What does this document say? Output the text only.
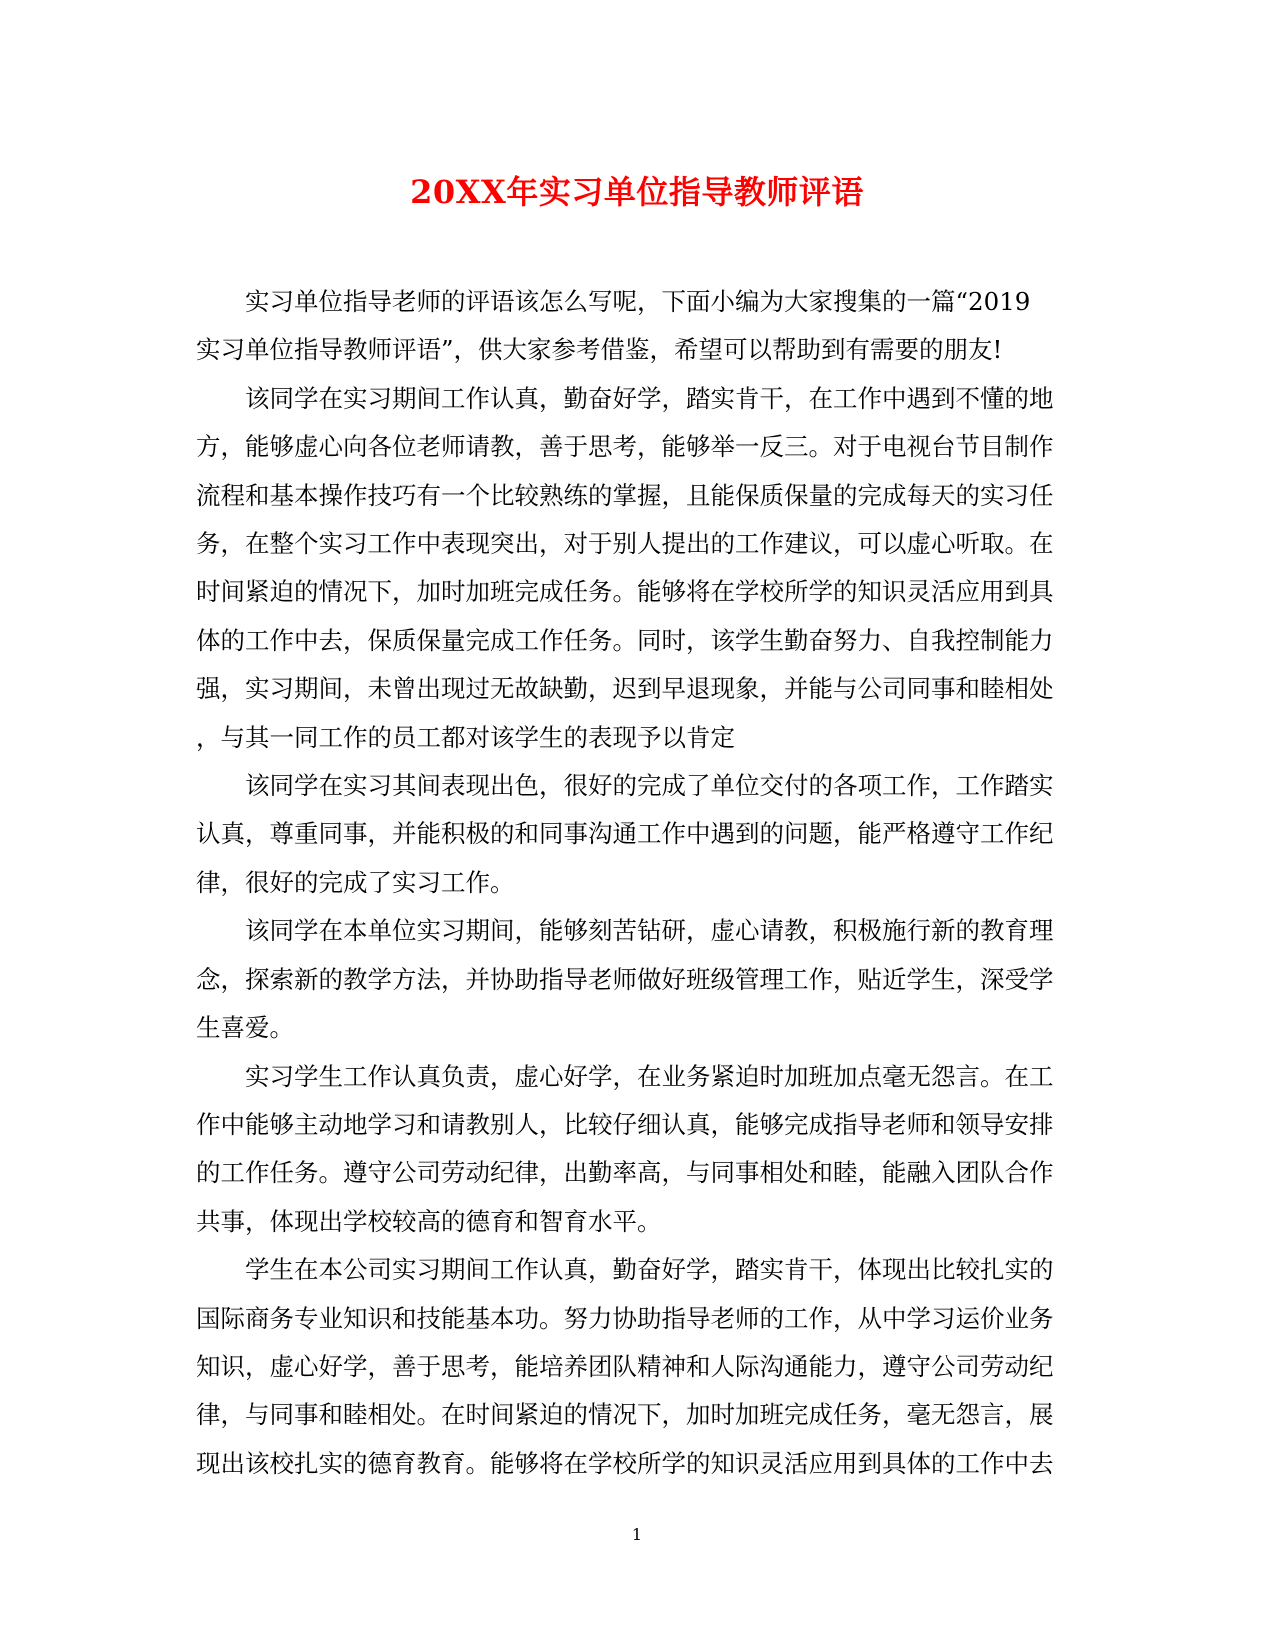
20XX年实习单位指导教师评语

实习单位指导老师的评语该怎么写呢，下面小编为大家搜集的一篇“2019
实习单位指导教师评语”，供大家参考借鉴，希望可以帮助到有需要的朋友!

该同学在实习期间工作认真，勤奋好学，踏实肯干，在工作中遇到不懂的地
方，能够虚心向各位老师请教，善于思考，能够举一反三。对于电视台节目制作
流程和基本操作技巧有一个比较熟练的掌握，且能保质保量的完成每天的实习任
务，在整个实习工作中表现突出，对于别人提出的工作建议，可以虚心听取。在
时间紧迫的情况下，加时加班完成任务。能够将在学校所学的知识灵活应用到具
体的工作中去，保质保量完成工作任务。同时，该学生勤奋努力、自我控制能力
强，实习期间，未曾出现过无故缺勤，迟到早退现象，并能与公司同事和睦相处
，与其一同工作的员工都对该学生的表现予以肯定

该同学在实习其间表现出色，很好的完成了单位交付的各项工作，工作踏实
认真，尊重同事，并能积极的和同事沟通工作中遇到的问题，能严格遵守工作纪
律，很好的完成了实习工作。

该同学在本单位实习期间，能够刻苦钻研，虚心请教，积极施行新的教育理
念，探索新的教学方法，并协助指导老师做好班级管理工作，贴近学生，深受学
生喜爱。

实习学生工作认真负责，虚心好学，在业务紧迫时加班加点毫无怨言。在工
作中能够主动地学习和请教别人，比较仔细认真，能够完成指导老师和领导安排
的工作任务。遵守公司劳动纪律，出勤率高，与同事相处和睦，能融入团队合作
共事，体现出学校较高的德育和智育水平。

学生在本公司实习期间工作认真，勤奋好学，踏实肯干，体现出比较扎实的
国际商务专业知识和技能基本功。努力协助指导老师的工作，从中学习运价业务
知识，虚心好学，善于思考，能培养团队精神和人际沟通能力，遵守公司劳动纪
律，与同事和睦相处。在时间紧迫的情况下，加时加班完成任务，毫无怨言，展
现出该校扎实的德育教育。能够将在学校所学的知识灵活应用到具体的工作中去

1
